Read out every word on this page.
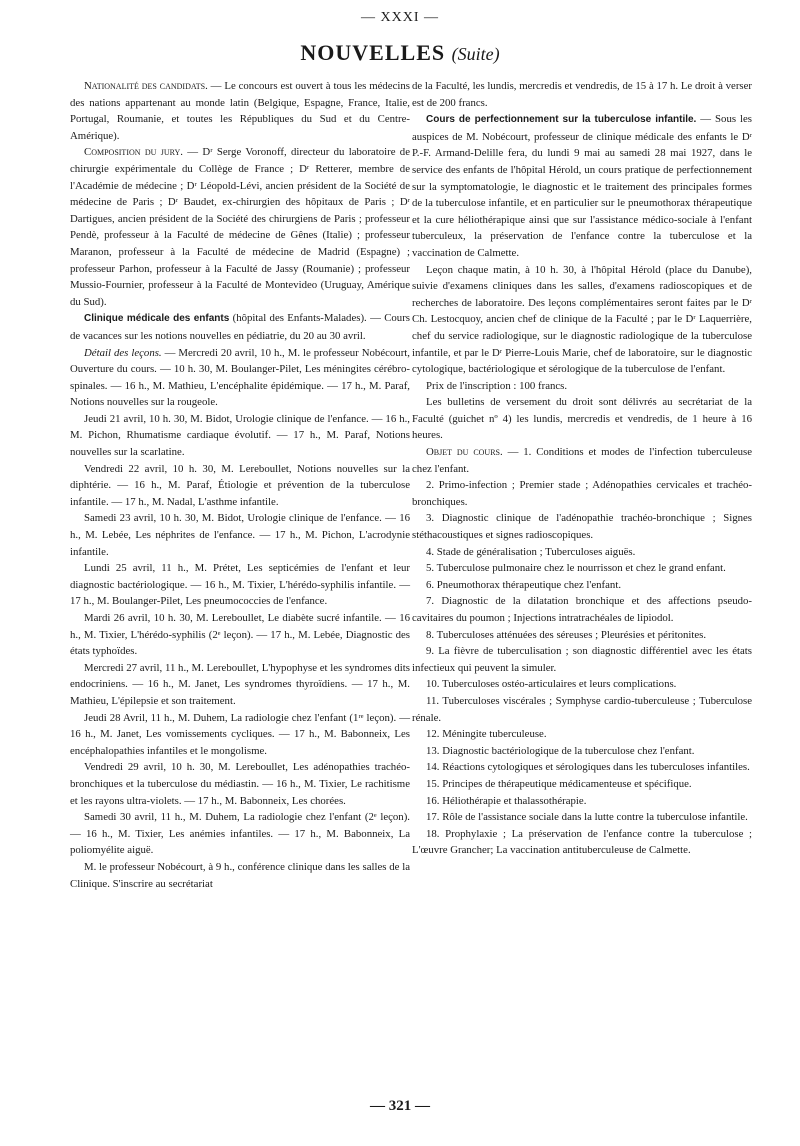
— XXXI —
NOUVELLES (Suite)

Nationalité des candidats. — Le concours est ouvert à tous les médecins des nations appartenant au monde latin (Belgique, Espagne, France, Italie, Portugal, Roumanie, et toutes les Républiques du Sud et du Centre-Amérique).

Composition du jury. — Dʳ Serge Voronoff, directeur du laboratoire de chirurgie expérimentale du Collège de France ; Dʳ Retterer, membre de l'Académie de médecine ; Dʳ Léopold-Lévi, ancien président de la Société de médecine de Paris ; Dʳ Baudet, ex-chirurgien des hôpitaux de Paris ; Dʳ Dartigues, ancien président de la Société des chirurgiens de Paris ; professeur Pendè, professeur à la Faculté de médecine de Gênes (Italie) ; professeur Maranon, professeur à la Faculté de médecine de Madrid (Espagne) ; professeur Parhon, professeur à la Faculté de Jassy (Roumanie) ; professeur Mussio-Fournier, professeur à la Faculté de Montevideo (Uruguay, Amérique du Sud).

Clinique médicale des enfants (hôpital des Enfants-Malades). — Cours de vacances sur les notions nouvelles en pédiatrie, du 20 au 30 avril.

Détail des leçons. — Mercredi 20 avril, 10 h., M. le professeur Nobécourt, Ouverture du cours. — 10 h. 30, M. Boulanger-Pilet, Les méningites cérébro-spinales. — 16 h., M. Mathieu, L'encéphalite épidémique. — 17 h., M. Paraf, Notions nouvelles sur la rougeole.

Jeudi 21 avril, 10 h. 30, M. Bidot, Urologie clinique de l'enfance. — 16 h., M. Pichon, Rhumatisme cardiaque évolutif. — 17 h., M. Paraf, Notions nouvelles sur la scarlatine.

Vendredi 22 avril, 10 h. 30, M. Lereboullet, Notions nouvelles sur la diphtérie. — 16 h., M. Paraf, Étiologie et prévention de la tuberculose infantile. — 17 h., M. Nadal, L'asthme infantile.

Samedi 23 avril, 10 h. 30, M. Bidot, Urologie clinique de l'enfance. — 16 h., M. Lebée, Les néphrites de l'enfance. — 17 h., M. Pichon, L'acrodynie infantile.

Lundi 25 avril, 11 h., M. Prétet, Les septicémies de l'enfant et leur diagnostic bactériologique. — 16 h., M. Tixier, L'hérédo-syphilis infantile. — 17 h., M. Boulanger-Pilet, Les pneumococcies de l'enfance.

Mardi 26 avril, 10 h. 30, M. Lereboullet, Le diabète sucré infantile. — 16 h., M. Tixier, L'hérédo-syphilis (2ᵉ leçon). — 17 h., M. Lebée, Diagnostic des états typhoïdes.

Mercredi 27 avril, 11 h., M. Lereboullet, L'hypophyse et les syndromes dits endocriniens. — 16 h., M. Janet, Les syndromes thyroïdiens. — 17 h., M. Mathieu, L'épilepsie et son traitement.

Jeudi 28 Avril, 11 h., M. Duhem, La radiologie chez l'enfant (1ʳᵉ leçon). — 16 h., M. Janet, Les vomissements cycliques. — 17 h., M. Babonneix, Les encéphalopathies infantiles et le mongolisme.

Vendredi 29 avril, 10 h. 30, M. Lereboullet, Les adénopathies trachéo-bronchiques et la tuberculose du médiastin. — 16 h., M. Tixier, Le rachitisme et les rayons ultra-violets. — 17 h., M. Babonneix, Les chorées.

Samedi 30 avril, 11 h., M. Duhem, La radiologie chez l'enfant (2ᵉ leçon). — 16 h., M. Tixier, Les anémies infantiles. — 17 h., M. Babonneix, La poliomyélite aiguë.

M. le professeur Nobécourt, à 9 h., conférence clinique dans les salles de la Clinique. S'inscrire au secrétariat

de la Faculté, les lundis, mercredis et vendredis, de 15 à 17 h. Le droit à verser est de 200 francs.

Cours de perfectionnement sur la tuberculose infantile. — Sous les auspices de M. Nobécourt, professeur de clinique médicale des enfants le Dʳ P.-F. Armand-Delille fera, du lundi 9 mai au samedi 28 mai 1927, dans le service des enfants de l'hôpital Hérold, un cours pratique de perfectionnement sur la symptomatologie, le diagnostic et le traitement des principales formes de la tuberculose infantile, et en particulier sur le pneumothorax thérapeutique et la cure héliothérapique ainsi que sur l'assistance médico-sociale à l'enfant tuberculeux, la préservation de l'enfance contre la tuberculose et la vaccination de Calmette.

Leçon chaque matin, à 10 h. 30, à l'hôpital Hérold (place du Danube), suivie d'examens cliniques dans les salles, d'examens radioscopiques et de recherches de laboratoire. Des leçons complémentaires seront faites par le Dʳ Ch. Lestocquoy, ancien chef de clinique de la Faculté ; par le Dʳ Laquerrière, chef du service radiologique, sur le diagnostic radiologique de la tuberculose infantile, et par le Dʳ Pierre-Louis Marie, chef de laboratoire, sur le diagnostic cytologique, bactériologique et sérologique de la tuberculose de l'enfant.

Prix de l'inscription : 100 francs.

Les bulletins de versement du droit sont délivrés au secrétariat de la Faculté (guichet nº 4) les lundis, mercredis et vendredis, de 1 heure à 16 heures.

Objet du cours. — 1. Conditions et modes de l'infection tuberculeuse chez l'enfant.

2. Primo-infection ; Premier stade ; Adénopathies cervicales et trachéo-bronchiques.

3. Diagnostic clinique de l'adénopathie trachéo-bronchique ; Signes stéthacoustiques et signes radioscopiques.

4. Stade de généralisation ; Tuberculoses aiguës.

5. Tuberculose pulmonaire chez le nourrisson et chez le grand enfant.

6. Pneumothorax thérapeutique chez l'enfant.

7. Diagnostic de la dilatation bronchique et des affections pseudo-cavitaires du poumon ; Injections intratrachéales de lipiodol.

8. Tuberculoses atténuées des séreuses ; Pleurésies et péritonites.

9. La fièvre de tuberculisation ; son diagnostic différentiel avec les états infectieux qui peuvent la simuler.

10. Tuberculoses ostéo-articulaires et leurs complications.

11. Tuberculoses viscérales ; Symphyse cardio-tuberculeuse ; Tuberculose rénale.

12. Méningite tuberculeuse.

13. Diagnostic bactériologique de la tuberculose chez l'enfant.

14. Réactions cytologiques et sérologiques dans les tuberculoses infantiles.

15. Principes de thérapeutique médicamenteuse et spécifique.

16. Héliothérapie et thalassothérapie.

17. Rôle de l'assistance sociale dans la lutte contre la tuberculose infantile.

18. Prophylaxie ; La préservation de l'enfance contre la tuberculose ; L'œuvre Grancher; La vaccination antituberculeuse de Calmette.

— 321 —
